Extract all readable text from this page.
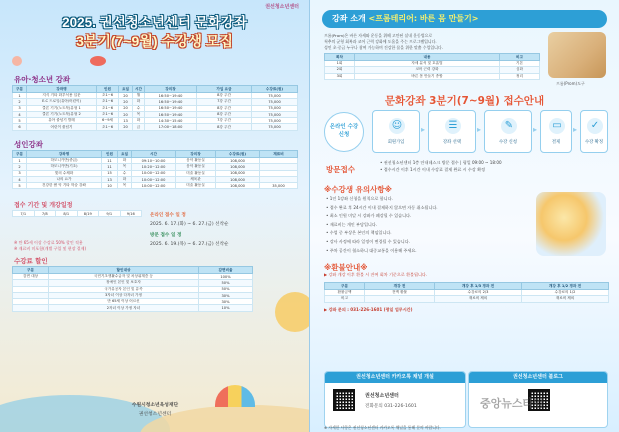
권선청소년센터
2025. 권선청소년센터 문화강좌
3분기(7~9월) 수강생 모집
유아·청소년 강좌
구분	강좌명	인원	요일	시간	강의장	가입 요금	수강료(원)
1	지식 기타 화부석용 입문	초1~6	20	월	16:50~19:40	8강 주간	75,000
2	E.C 드로잉(유아/어린이)	초1~6	20	화	16:50~19:40	7강 주간	75,000
3	클론 기기(노트북)유형 1	초1~6	20	수	16:50~19:40	8강 주간	75,000
4	클론 기기(노트북)유형 2	초1~6	20	목	16:50~19:40	8강 주간	75,000
5	유아 줄넘기 발레	6~9세	13	화	14:30~15:40	7강 주간	75,000
6	어린이 줄넘기	초1~6	20	금	17:00~18:00	8강 주간	75,000
성인강좌
구분	강좌명	인원	요일	시간	강의장	수강료(원)	재료비
1	하모니카반(중급)	11	화	09:10~10:00	음악 활동실	108,000	
2	하모니카반(기초)	11	목	10:20~12:00	음악 활동실	108,000	
3	빛의 수채화	15	수	10:00~12:00	미술 활동실	108,000	
4	나의 요가	13	화	10:00~12:00	체육관	108,000	
5	건강한 팝 악 기타 학습 강좌	10	목	10:00~12:00	미술 활동실	108,000	35,000
접수 기간 및 개강일정
7/1	7/8	8/1	8/19	9/1	9/16	온라인 접수 일 정
2025. 6. 17.(화) ~ 6. 27.(금) 선착순
방문 접수 일 정
2025. 6. 19.(목) ~ 6. 27.(금) 선착순
※ 만 65세 이상 수강료 50% 할인 적용
※ 재료비 미포함(개별 구입 및 현장 결제)
수강료 할인
구분	할인대상	감면비율
감면 대상	국민기초생활수급자 및 차상위계층 등	100%
	장애인 본인 및 보호자	50%
	국가유공자 본인 및 유족	50%
	3자녀 이상 다자녀 가정	30%
	만 65세 이상 어르신	30%
	2자녀 이상 가정 자녀	10%
수원시청소년육성재단
권선청소년센터
강좌 소개 <프롬테리어: 바른 몸 만들기>
프롬(Prom)은 바른 자세와 운동을 위해 고안된 실내 운동법으로
척추의 균형 회복과 코어 근력 강화에 도움을 주는 프로그램입니다.
성인 초·중급 누구나 참여 가능하며 건강한 몸을 위한 맞춤 수업입니다.
회차	내용	비고
1회	자세 분석 및 호흡법	기본
2회	코어 근력 강화	심화
3회	바른 몸 만들기 종합	정리
프롬(Prom)도구
문화강좌 3분기(7~9월) 접수안내
온라인 수강신청
☺
회원가입
▸	☰
강좌 선택
▸	✎
수강 신청
▸	▭
결제
▸	✓
수강 확정
방문접수
• 권선청소년센터 1층 안내데스크 방문 접수 | 평일 09:00 ~ 18:00
• 접수시간 이후 1시간 이내 수강료 결제 완료 시 수강 확정
※수강생 유의사항※
• 1인 1강좌 신청을 원칙으로 합니다.
• 접수 완료 후 24시간 이내 결제하지 않으면 자동 취소됩니다.
• 최소 인원 미달 시 강좌가 폐강될 수 있습니다.
• 재료비는 개인 부담입니다.
• 수업 중 부상은 본인의 책임입니다.
• 강사 사정에 따라 일정이 변경될 수 있습니다.
• 주차 공간이 협소하니 대중교통을 이용해 주세요.
※환불안내※
▶ 강좌 개강 이후 환불 시 잔여 회차 기준으로 환불됩니다.
구분	개강 전	개강 후 1/3 경과 전	개강 후 1/2 경과 전
환불금액	전액 환불	수강료의 2/3	수강료의 1/2
비고	-	재료비 제외	재료비 제외
▶ 강좌 문의 : 031-226-1601 (평일 업무시간)
권선청소년센터 카카오톡 채널 개설
권선청소년센터
전화문의 031-226-1601
권선청소년센터 블로그
※ 자세한 사항은 권선청소년센터 카카오톡 채널을 통해 문의 바랍니다.
중앙뉴스타임
